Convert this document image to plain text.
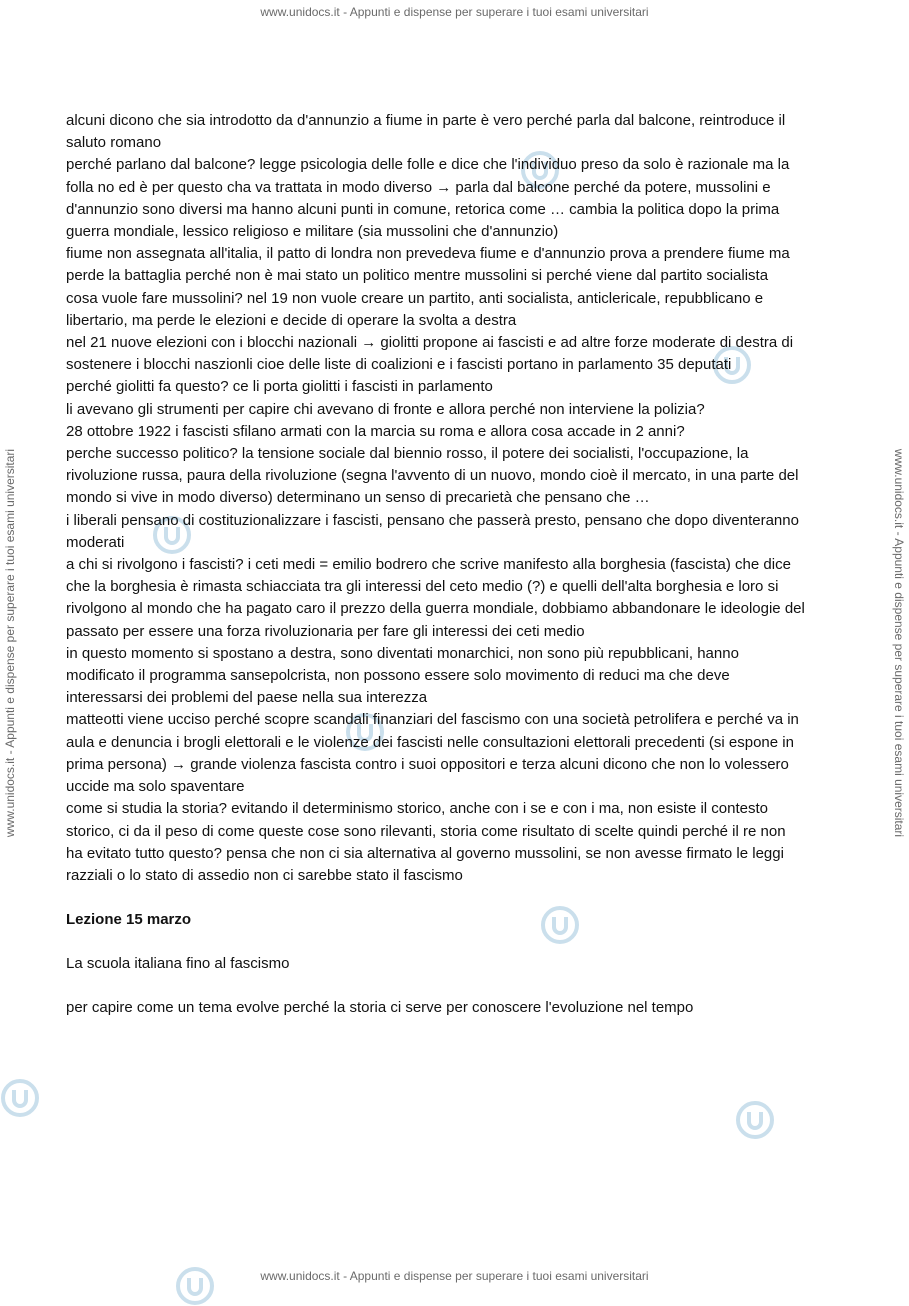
www.unidocs.it - Appunti e dispense per superare i tuoi esami universitari
www.unidocs.it - Appunti e dispense per superare i tuoi esami universitari
www.unidocs.it - Appunti e dispense per superare i tuoi esami universitari	www.unidocs.it - Appunti e dispense per superare i tuoi esami universitari

alcuni dicono che sia introdotto da d'annunzio a fiume in parte è vero perché parla dal balcone, reintroduce il saluto romano

perché parlano dal balcone? legge psicologia delle folle e dice che l'individuo preso da solo è razionale ma la folla no ed è per questo cha va trattata in modo diverso → parla dal balcone perché da potere, mussolini e d'annunzio sono diversi ma hanno alcuni punti in comune, retorica come … cambia la politica dopo la prima guerra mondiale, lessico religioso e militare (sia mussolini che d'annunzio)

fiume non assegnata all'italia, il patto di londra non prevedeva fiume e d'annunzio prova a prendere fiume ma perde la battaglia perché non è mai stato un politico mentre mussolini si perché viene dal partito socialista

cosa vuole fare mussolini? nel 19 non vuole creare un partito, anti socialista, anticlericale, repubblicano e libertario, ma perde le elezioni e decide di operare la svolta a destra

nel 21 nuove elezioni con i blocchi nazionali → giolitti propone ai fascisti e ad altre forze moderate di destra di sostenere i blocchi naszionli cioe delle liste di coalizioni e i fascisti portano in parlamento 35 deputati

perché giolitti fa questo? ce li porta giolitti i fascisti in parlamento

li avevano gli strumenti per capire chi avevano di fronte e allora perché non interviene la polizia?

28 ottobre 1922 i fascisti sfilano armati con la marcia su roma e allora cosa accade in 2 anni?

perche successo politico? la tensione sociale dal biennio rosso, il potere dei socialisti, l'occupazione, la rivoluzione russa, paura della rivoluzione (segna l'avvento di un nuovo, mondo cioè il mercato, in una parte del mondo si vive in modo diverso) determinano un senso di precarietà che pensano che …

i liberali pensano di costituzionalizzare i fascisti, pensano che passerà presto, pensano che dopo diventeranno moderati

a chi si rivolgono i fascisti? i ceti medi = emilio bodrero che scrive manifesto alla borghesia (fascista) che dice che la borghesia è rimasta schiacciata tra gli interessi del ceto medio (?) e quelli dell'alta borghesia e loro si rivolgono al mondo che ha pagato caro il prezzo della guerra mondiale, dobbiamo abbandonare le ideologie del passato per essere una forza rivoluzionaria per fare gli interessi dei ceti medio

in questo momento si spostano a destra, sono diventati monarchici, non sono più repubblicani, hanno modificato il programma sansepolcrista, non possono essere solo movimento di reduci ma che deve interessarsi dei problemi del paese nella sua interezza

matteotti viene ucciso perché scopre scandali finanziari del fascismo con una società petrolifera e perché va in aula e denuncia i brogli elettorali e le violenze dei fascisti nelle consultazioni elettorali precedenti (si espone in prima persona) → grande violenza fascista contro i suoi oppositori e terza alcuni dicono che non lo volessero uccide ma solo spaventare

come si studia la storia? evitando il determinismo storico, anche con i se e con i ma, non esiste il contesto storico, ci da il peso di come queste cose sono rilevanti, storia come risultato di scelte quindi perché il re non ha evitato tutto questo? pensa che non ci sia alternativa al governo mussolini, se non avesse firmato le leggi razziali o lo stato di assedio non ci sarebbe stato il fascismo

Lezione 15 marzo

La scuola italiana fino al fascismo

per capire come un tema evolve perché la storia ci serve per conoscere l'evoluzione nel tempo
